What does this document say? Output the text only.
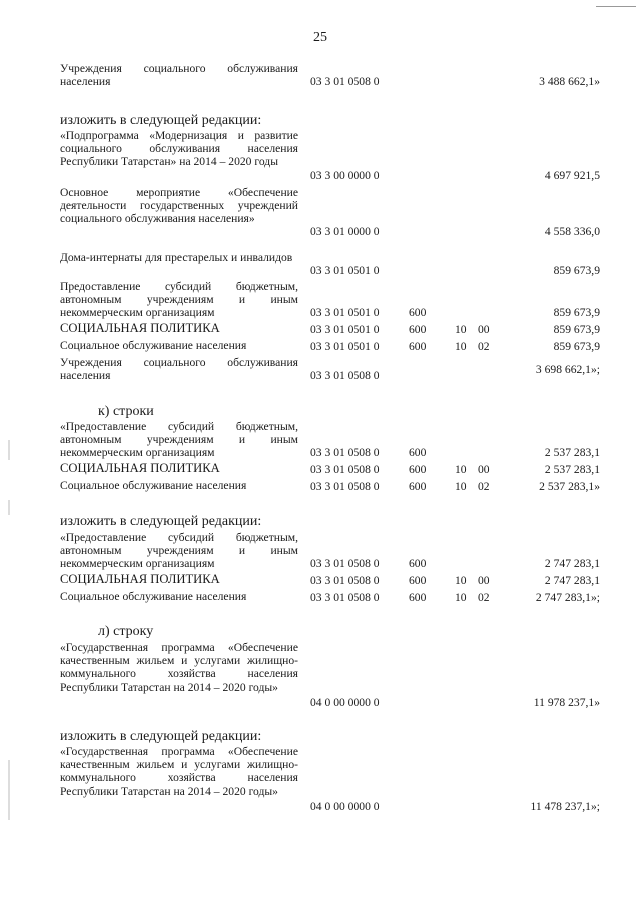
25
Учреждения социального обслуживания населения	03 3 01 0508 0	3 488 662,1»
изложить в следующей редакции:
«Подпрограмма «Модернизация и развитие социального обслуживания населения Республики Татарстан» на 2014 – 2020 годы
03 3 00 0000 0	4 697 921,5
Основное мероприятие «Обеспечение деятельности государственных учреждений социального обслуживания населения»
03 3 01 0000 0	4 558 336,0
Дома-интернаты для престарелых и инвалидов
03 3 01 0501 0	859 673,9
Предоставление субсидий бюджетным, автономным учреждениям и иным некоммерческим организациям	03 3 01 0501 0	600	859 673,9
СОЦИАЛЬНАЯ ПОЛИТИКА	03 3 01 0501 0	600 10 00	859 673,9
Социальное обслуживание населения	03 3 01 0501 0	600 10 02	859 673,9
Учреждения социального обслуживания населения	03 3 01 0508 0	3 698 662,1»;
к) строки
«Предоставление субсидий бюджетным, автономным учреждениям и иным некоммерческим организациям	03 3 01 0508 0	600	2 537 283,1
СОЦИАЛЬНАЯ ПОЛИТИКА	03 3 01 0508 0	600 10 00	2 537 283,1
Социальное обслуживание населения	03 3 01 0508 0	600 10 02	2 537 283,1»
изложить в следующей редакции:
«Предоставление субсидий бюджетным, автономным учреждениям и иным некоммерческим организациям	03 3 01 0508 0	600	2 747 283,1
СОЦИАЛЬНАЯ ПОЛИТИКА	03 3 01 0508 0	600 10 00	2 747 283,1
Социальное обслуживание населения	03 3 01 0508 0	600 10 02	2 747 283,1»;
л) строку
«Государственная программа «Обеспечение качественным жильем и услугами жилищно-коммунального хозяйства населения Республики Татарстан на 2014 – 2020 годы»
04 0 00 0000 0	11 978 237,1»
изложить в следующей редакции:
«Государственная программа «Обеспечение качественным жильем и услугами жилищно-коммунального хозяйства населения Республики Татарстан на 2014 – 2020 годы»
04 0 00 0000 0	11 478 237,1»;
